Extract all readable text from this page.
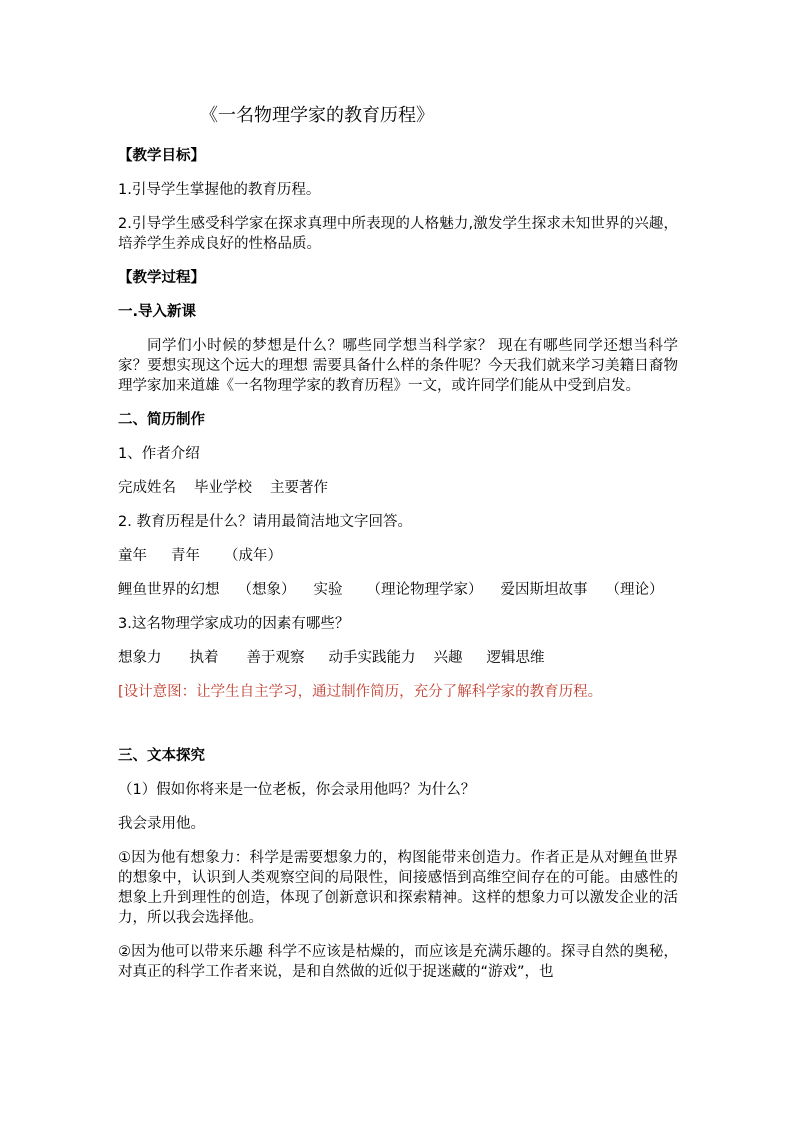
《一名物理学家的教育历程》

【教学目标】

1.引导学生掌握他的教育历程。

2.引导学生感受科学家在探求真理中所表现的人格魅力,激发学生探求未知世界的兴趣，培养学生养成良好的性格品质。

【教学过程】

一.导入新课

同学们小时候的梦想是什么？哪些同学想当科学家？ 现在有哪些同学还想当科学家？要想实现这个远大的理想 需要具备什么样的条件呢？今天我们就来学习美籍日裔物 理学家加来道雄《一名物理学家的教育历程》一文，或许同学们能从中受到启发。

二、简历制作

1、作者介绍

完成姓名 毕业学校 主要著作

2. 教育历程是什么？请用最简洁地文字回答。

童年 青年 （成年）

鲤鱼世界的幻想 （想象） 实验 （理论物理学家） 爱因斯坦故事 （理论）

3.这名物理学家成功的因素有哪些？

想象力 执着 善于观察 动手实践能力 兴趣 逻辑思维

[设计意图：让学生自主学习，通过制作简历，充分了解科学家的教育历程。

三、文本探究

（1）假如你将来是一位老板，你会录用他吗？为什么？

我会录用他。

①因为他有想象力：科学是需要想象力的，构图能带来创造力。作者正是从对鲤鱼世界的想象中，认识到人类观察空间的局限性，间接感悟到高维空间存在的可能。由感性的想象上升到理性的创造，体现了创新意识和探索精神。这样的想象力可以激发企业的活力，所以我会选择他。

②因为他可以带来乐趣 科学不应该是枯燥的，而应该是充满乐趣的。探寻自然的奥秘，对真正的科学工作者来说，是和自然做的近似于捉迷藏的“游戏”，也
